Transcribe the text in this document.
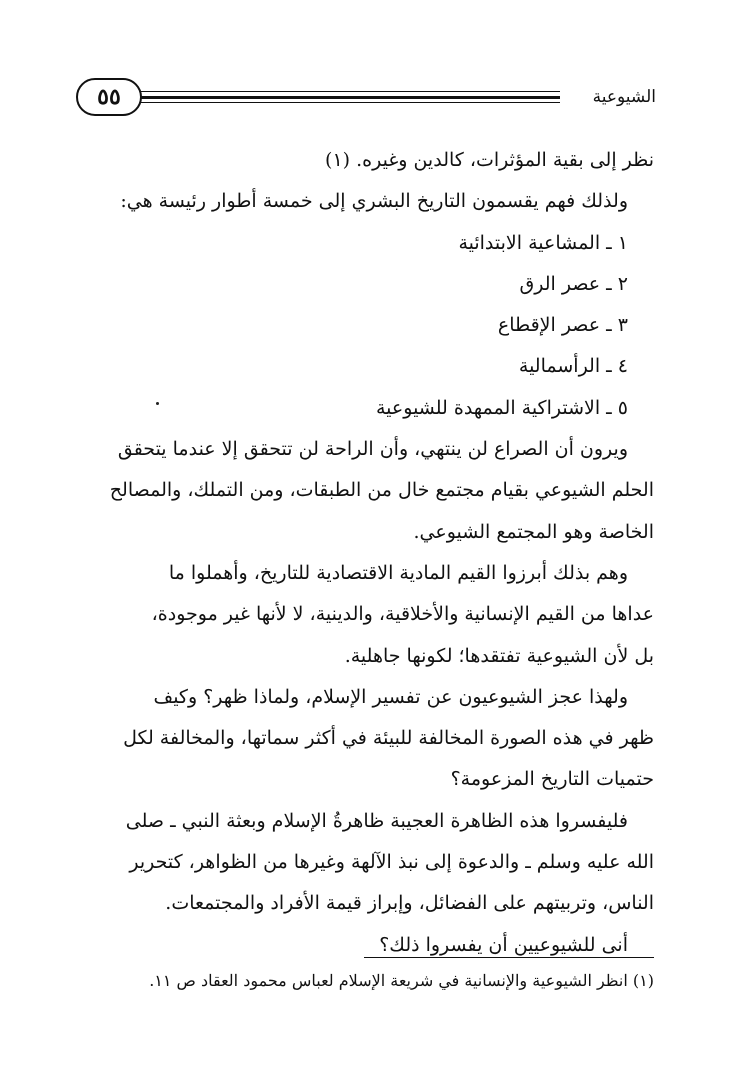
٥٥	الشيوعية
نظر إلى بقية المؤثرات، كالدين وغيره. (١)
ولذلك فهم يقسمون التاريخ البشري إلى خمسة أطوار رئيسة هي:
١ ـ المشاعية الابتدائية
٢ ـ عصر الرق
٣ ـ عصر الإقطاع
٤ ـ الرأسمالية
٥ ـ الاشتراكية الممهدة للشيوعية
ويرون أن الصراع لن ينتهي، وأن الراحة لن تتحقق إلا عندما يتحقق
الحلم الشيوعي بقيام مجتمع خال من الطبقات، ومن التملك، والمصالح
الخاصة وهو المجتمع الشيوعي.
وهم بذلك أبرزوا القيم المادية الاقتصادية للتاريخ، وأهملوا ما
عداها من القيم الإنسانية والأخلاقية، والدينية، لا لأنها غير موجودة،
بل لأن الشيوعية تفتقدها؛ لكونها جاهلية.
ولهذا عجز الشيوعيون عن تفسير الإسلام، ولماذا ظهر؟ وكيف
ظهر في هذه الصورة المخالفة للبيئة في أكثر سماتها، والمخالفة لكل
حتميات التاريخ المزعومة؟
فليفسروا هذه الظاهرة العجيبة ظاهرةُ الإسلام وبعثة النبي ـ صلى
الله عليه وسلم ـ والدعوة إلى نبذ الآلهة وغيرها من الظواهر، كتحرير
الناس، وتربيتهم على الفضائل، وإبراز قيمة الأفراد والمجتمعات.
أنى للشيوعيين أن يفسروا ذلك؟
(١) انظر الشيوعية والإنسانية في شريعة الإسلام لعباس محمود العقاد ص ١١.
